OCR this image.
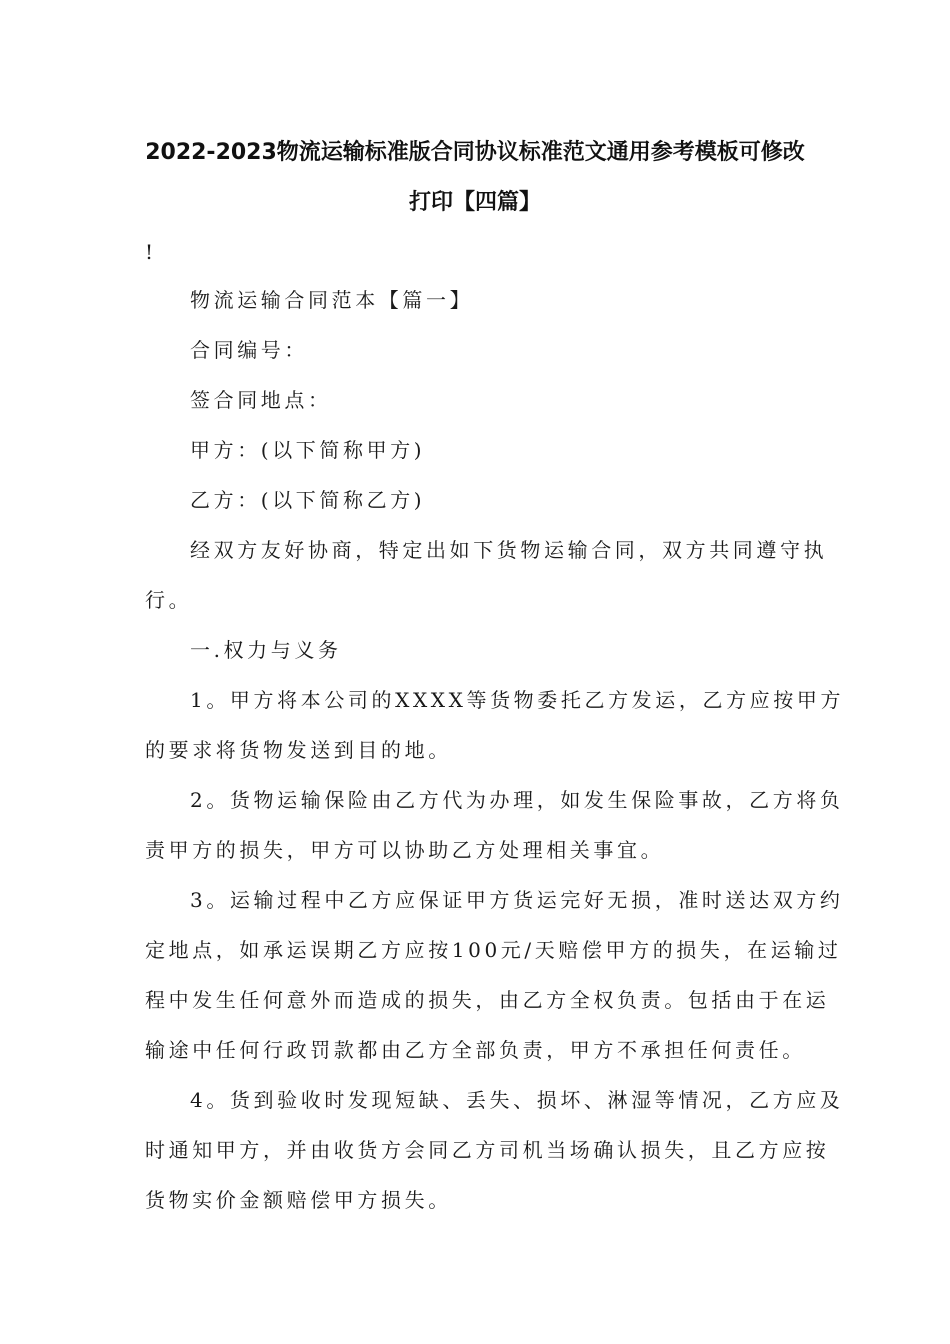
2022-2023物流运输标准版合同协议标准范文通用参考模板可修改
打印【四篇】
!
物流运输合同范本【篇一】
合同编号：
签合同地点：
甲方：(以下简称甲方)
乙方：(以下简称乙方)
经双方友好协商，特定出如下货物运输合同，双方共同遵守执
行。
一.权力与义务
1。甲方将本公司的XXXX等货物委托乙方发运，乙方应按甲方
的要求将货物发送到目的地。
2。货物运输保险由乙方代为办理，如发生保险事故，乙方将负
责甲方的损失，甲方可以协助乙方处理相关事宜。
3。运输过程中乙方应保证甲方货运完好无损，准时送达双方约
定地点，如承运误期乙方应按100元/天赔偿甲方的损失，在运输过
程中发生任何意外而造成的损失，由乙方全权负责。包括由于在运
输途中任何行政罚款都由乙方全部负责，甲方不承担任何责任。
4。货到验收时发现短缺、丢失、损坏、淋湿等情况，乙方应及
时通知甲方，并由收货方会同乙方司机当场确认损失，且乙方应按
货物实价金额赔偿甲方损失。
